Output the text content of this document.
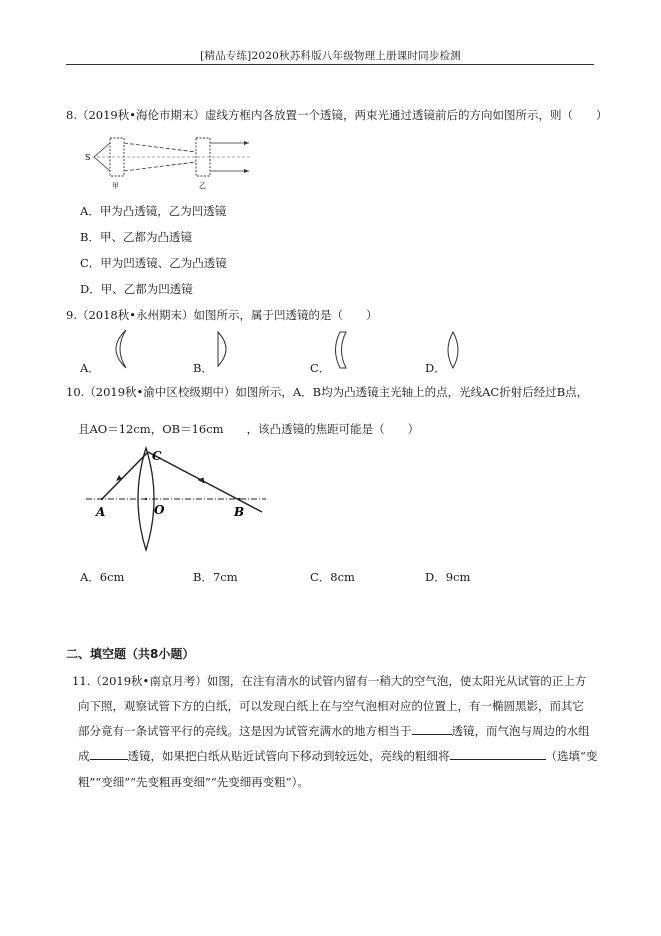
[精品专练]2020秋苏科版八年级物理上册课时同步检测
8.（2019秋•海伦市期末）虚线方框内各放置一个透镜，两束光通过透镜前后的方向如图所示，则（　　）
S
甲	乙
A．甲为凸透镜，乙为凹透镜
B．甲、乙都为凸透镜
C．甲为凹透镜、乙为凸透镜
D．甲、乙都为凹透镜
9.（2018秋•永州期末）如图所示，属于凹透镜的是（　　）
A．	B．	C．	D．
10.（2019秋•渝中区校级期中）如图所示，A．B均为凸透镜主光轴上的点，光线AC折射后经过B点，
且AO＝12cm，OB＝16cm　　，该凸透镜的焦距可能是（　　）
A
C
O	B
A．6cm	B．7cm	C．8cm	D．9cm
二、填空题（共8小题）
11.（2019秋•南京月考）如图，在注有清水的试管内留有一稍大的空气泡，使太阳光从试管的正上方
向下照，观察试管下方的白纸，可以发现白纸上在与空气泡相对应的位置上，有一椭圆黑影，而其它
部分竟有一条试管平行的亮线。这是因为试管充满水的地方相当于	透镜，而气泡与周边的水组
成	透镜，如果把白纸从贴近试管向下移动到较远处，亮线的粗细将	（选填“变
粗”“变细”“先变粗再变细”“先变细再变粗”）。
